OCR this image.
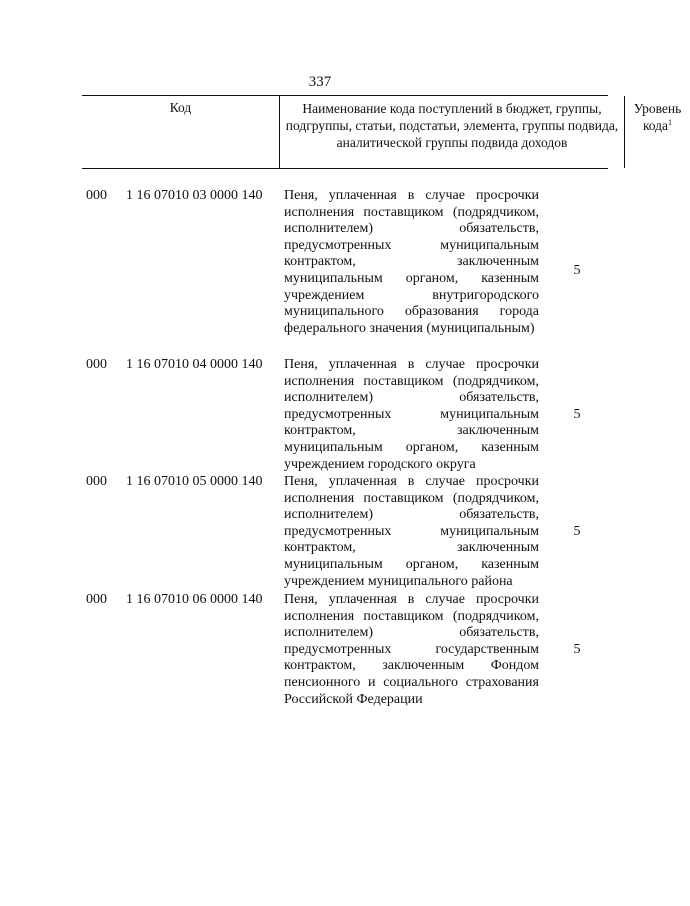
337
Код	Наименование кода поступлений в бюджет, группы, подгруппы, статьи, подстатьи, элемента, группы подвида, аналитической группы подвида доходов
Уровень кода$^1$
000 1 16 07010 03 0000 140 Пеня, уплаченная в случае просрочки исполнения поставщиком (подрядчиком, исполнителем) обязательств, предусмотренных муниципальным контрактом, заключенным муниципальным органом, казенным учреждением внутригородского муниципального образования города федерального значения (муниципальным)
5
000 1 16 07010 04 0000 140 Пеня, уплаченная в случае просрочки исполнения поставщиком (подрядчиком, исполнителем) обязательств, предусмотренных муниципальным контрактом, заключенным муниципальным органом, казенным учреждением городского округа
5
000 1 16 07010 05 0000 140 Пеня, уплаченная в случае просрочки исполнения поставщиком (подрядчиком, исполнителем) обязательств, предусмотренных муниципальным контрактом, заключенным муниципальным органом, казенным учреждением муниципального района
5
000 1 16 07010 06 0000 140 Пеня, уплаченная в случае просрочки исполнения поставщиком (подрядчиком, исполнителем) обязательств, предусмотренных государственным контрактом, заключенным Фондом пенсионного и социального страхования Российской Федерации
5
